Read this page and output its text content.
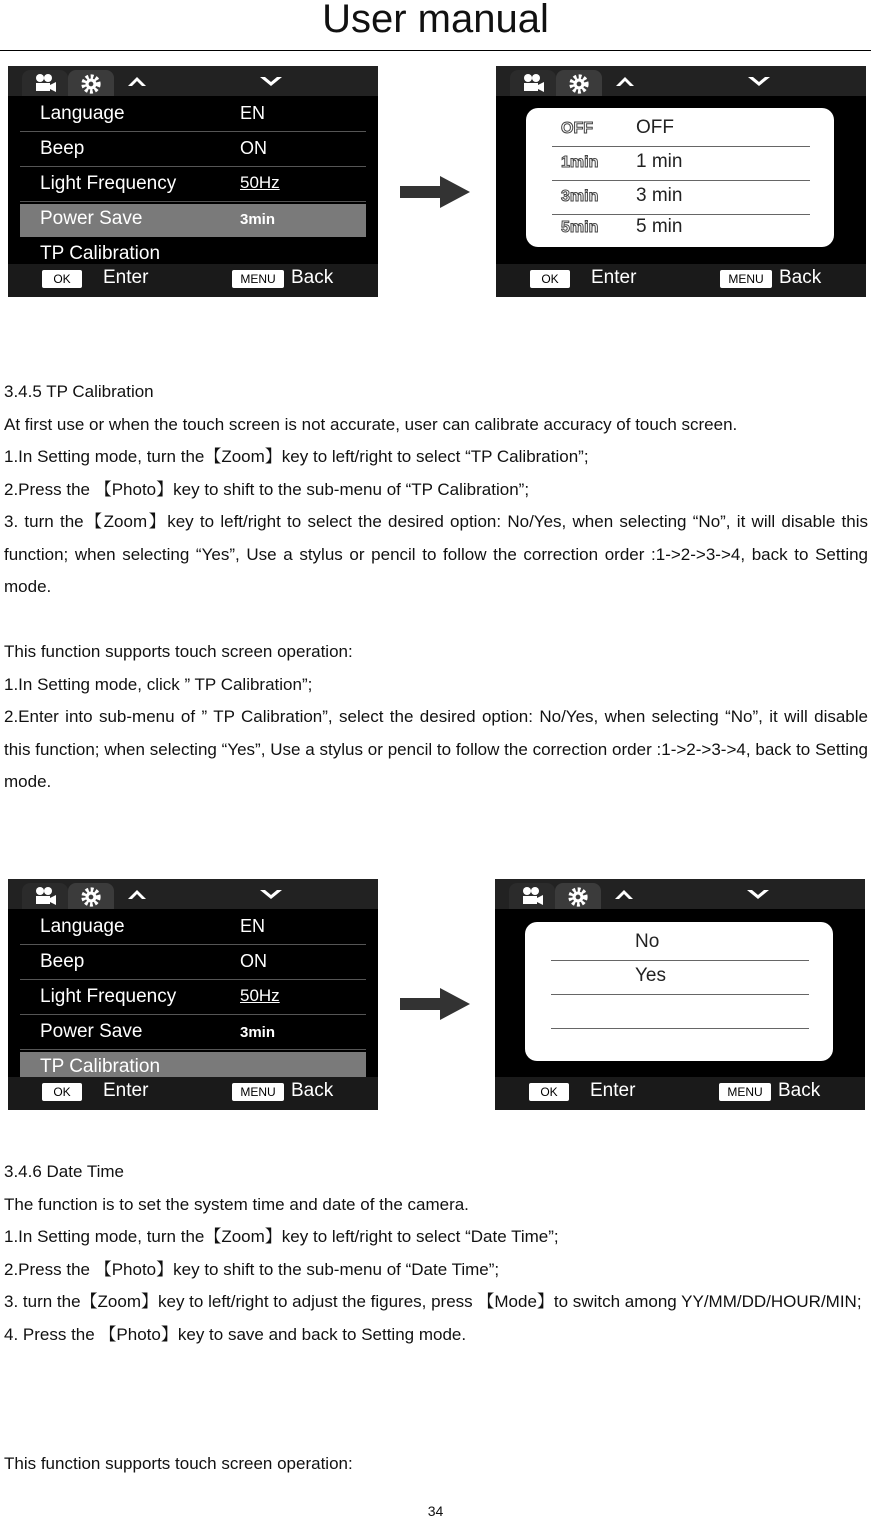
User manual
Language	EN
Beep	ON
Light Frequency	50Hz
Power Save	3min
TP Calibration
OK	Enter	MENU Back
OFF OFF
1min 1 min
3min 3 min
5min 5 min
OK	Enter	MENU Back

3.4.5 TP Calibration

At first use or when the touch screen is not accurate, user can calibrate accuracy of touch screen.

1.In Setting mode, turn the【Zoom】key to left/right to select “TP Calibration”;

2.Press the 【Photo】key to shift to the sub-menu of “TP Calibration”;

3. turn the【Zoom】key to left/right to select the desired option: No/Yes, when selecting “No”, it will disable this function; when selecting “Yes”, Use a stylus or pencil to follow the correction order :1->2->3->4, back to Setting mode.

This function supports touch screen operation:

1.In Setting mode, click ” TP Calibration”;

2.Enter into sub-menu of ” TP Calibration”, select the desired option: No/Yes, when selecting “No”, it will disable this function; when selecting “Yes”, Use a stylus or pencil to follow the correction order :1->2->3->4, back to Setting mode.

Language	EN
Beep	ON
Light Frequency	50Hz
Power Save	3min
TP Calibration
OK	Enter	MENU Back
No
Yes
OK	Enter	MENU Back

3.4.6 Date Time

The function is to set the system time and date of the camera.

1.In Setting mode, turn the【Zoom】key to left/right to select “Date Time”;

2.Press the 【Photo】key to shift to the sub-menu of “Date Time”;

3. turn the【Zoom】key to left/right to adjust the figures, press 【Mode】to switch among YY/MM/DD/HOUR/MIN;

4. Press the 【Photo】key to save and back to Setting mode.

This function supports touch screen operation:

34
